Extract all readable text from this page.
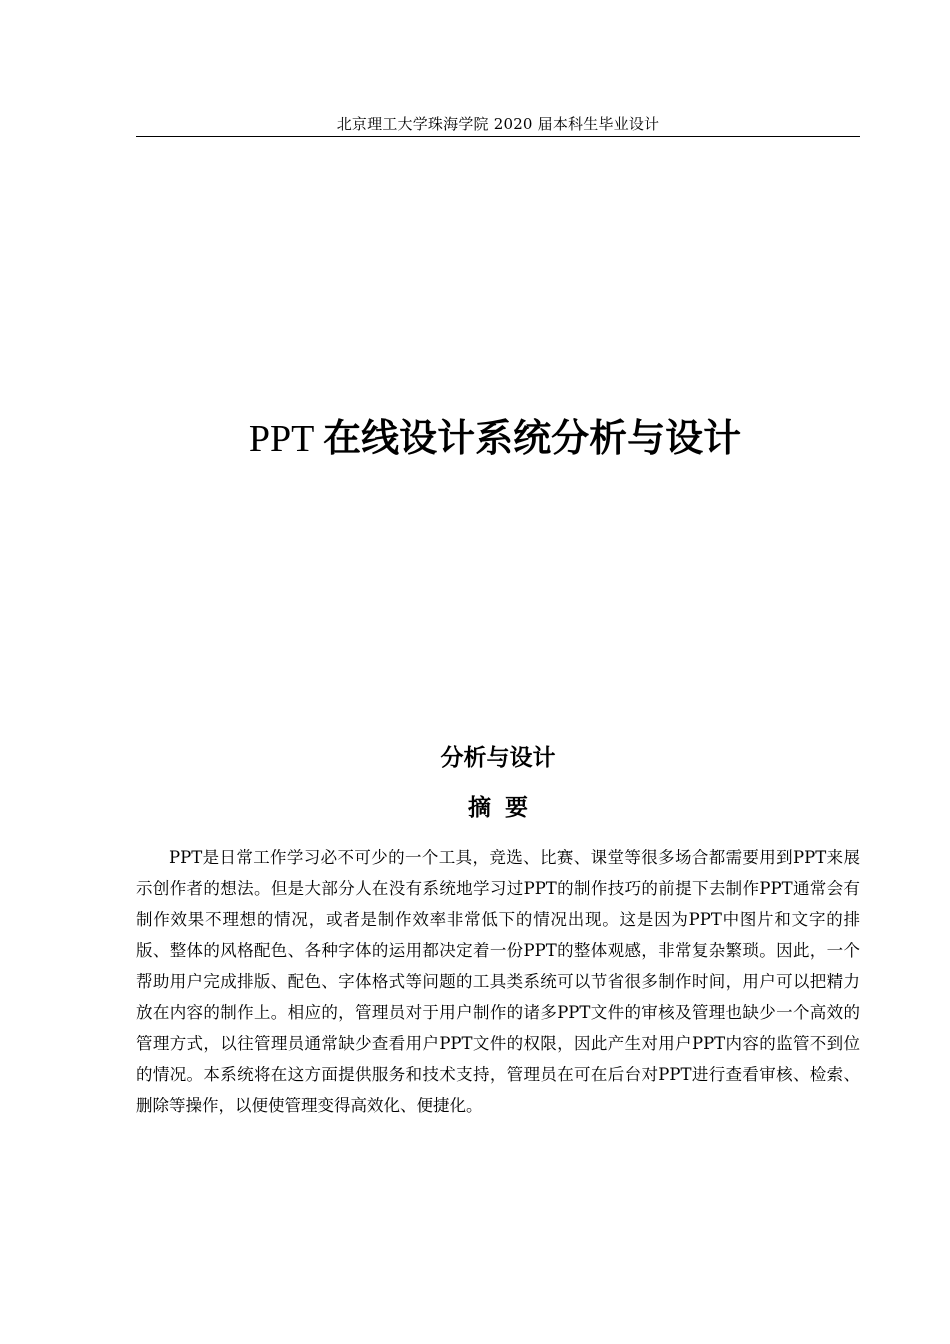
北京理工大学珠海学院 2020 届本科生毕业设计
PPT 在线设计系统分析与设计
分析与设计
摘要

PPT是日常工作学习必不可少的一个工具，竞选、比赛、课堂等很多场合都需要用到PPT来展示创作者的想法。但是大部分人在没有系统地学习过PPT的制作技巧的前提下去制作PPT通常会有制作效果不理想的情况，或者是制作效率非常低下的情况出现。这是因为PPT中图片和文字的排版、整体的风格配色、各种字体的运用都决定着一份PPT的整体观感，非常复杂繁琐。因此，一个帮助用户完成排版、配色、字体格式等问题的工具类系统可以节省很多制作时间，用户可以把精力放在内容的制作上。相应的，管理员对于用户制作的诸多PPT文件的审核及管理也缺少一个高效的管理方式，以往管理员通常缺少查看用户PPT文件的权限，因此产生对用户PPT内容的监管不到位的情况。本系统将在这方面提供服务和技术支持，管理员在可在后台对PPT进行查看审核、检索、删除等操作，以便使管理变得高效化、便捷化。
